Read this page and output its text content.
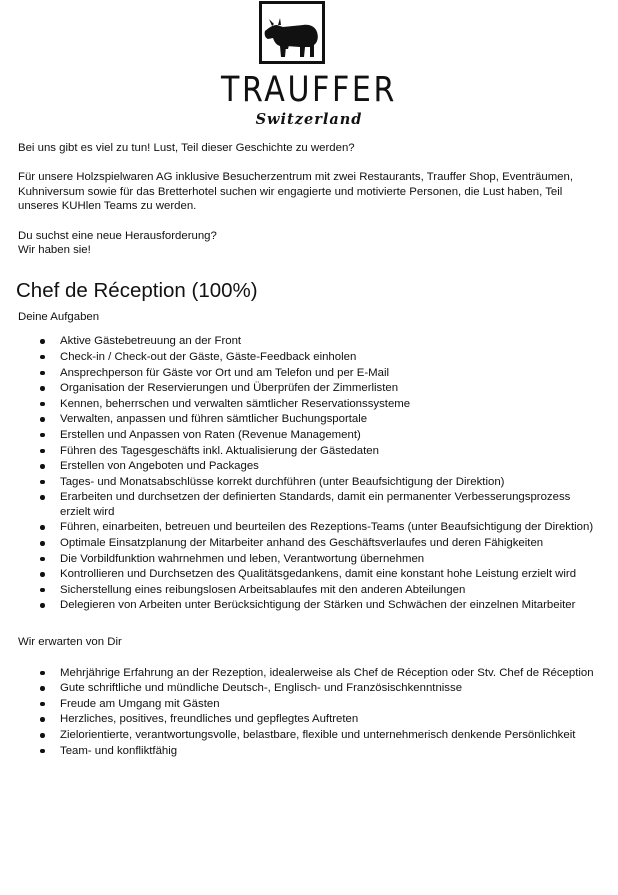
TRAUFFER
Switzerland

Bei uns gibt es viel zu tun! Lust, Teil dieser Geschichte zu werden?

Für unsere Holzspielwaren AG inklusive Besucherzentrum mit zwei Restaurants, Trauffer Shop, Eventräumen, Kuhniversum sowie für das Bretterhotel suchen wir engagierte und motivierte Personen, die Lust haben, Teil unseres KUHlen Teams zu werden.

Du suchst eine neue Herausforderung?
Wir haben sie!

Chef de Réception (100%)
Deine Aufgaben
Aktive Gästebetreuung an der Front
Check-in / Check-out der Gäste, Gäste-Feedback einholen
Ansprechperson für Gäste vor Ort und am Telefon und per E-Mail
Organisation der Reservierungen und Überprüfen der Zimmerlisten
Kennen, beherrschen und verwalten sämtlicher Reservationssysteme
Verwalten, anpassen und führen sämtlicher Buchungsportale
Erstellen und Anpassen von Raten (Revenue Management)
Führen des Tagesgeschäfts inkl. Aktualisierung der Gästedaten
Erstellen von Angeboten und Packages
Tages- und Monatsabschlüsse korrekt durchführen (unter Beaufsichtigung der Direktion)
Erarbeiten und durchsetzen der definierten Standards, damit ein permanenter Verbesserungsprozess erzielt wird
Führen, einarbeiten, betreuen und beurteilen des Rezeptions-Teams (unter Beaufsichtigung der Direktion)
Optimale Einsatzplanung der Mitarbeiter anhand des Geschäftsverlaufes und deren Fähigkeiten
Die Vorbildfunktion wahrnehmen und leben, Verantwortung übernehmen
Kontrollieren und Durchsetzen des Qualitätsgedankens, damit eine konstant hohe Leistung erzielt wird
Sicherstellung eines reibungslosen Arbeitsablaufes mit den anderen Abteilungen
Delegieren von Arbeiten unter Berücksichtigung der Stärken und Schwächen der einzelnen Mitarbeiter
Wir erwarten von Dir
Mehrjährige Erfahrung an der Rezeption, idealerweise als Chef de Réception oder Stv. Chef de Réception
Gute schriftliche und mündliche Deutsch-, Englisch- und Französischkenntnisse
Freude am Umgang mit Gästen
Herzliches, positives, freundliches und gepflegtes Auftreten
Zielorientierte, verantwortungsvolle, belastbare, flexible und unternehmerisch denkende Persönlichkeit
Team- und konfliktfähig
